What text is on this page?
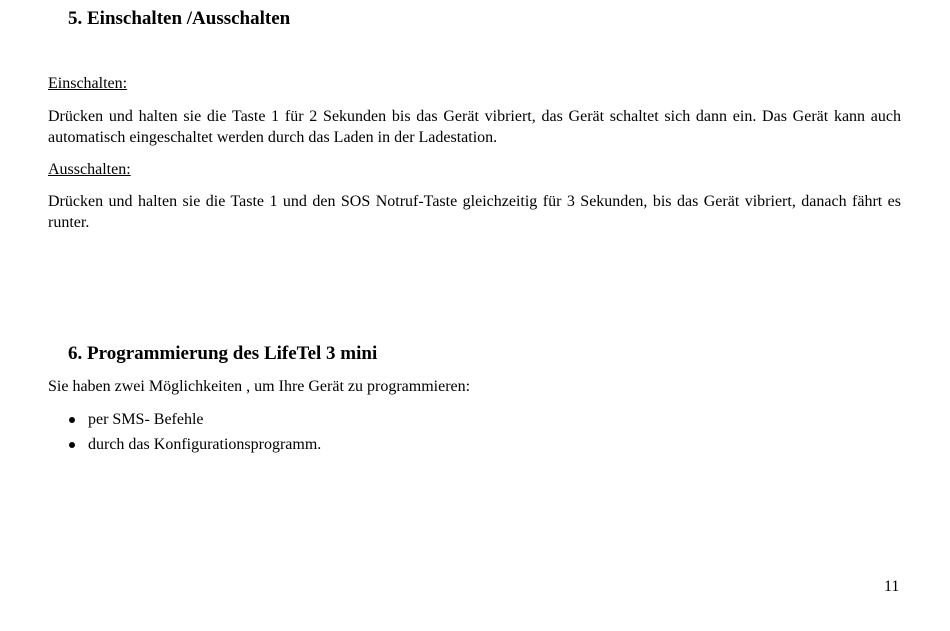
5. Einschalten /Ausschalten

Einschalten:

Drücken und halten sie die Taste 1 für 2 Sekunden bis das Gerät vibriert, das Gerät schaltet sich dann ein. Das Gerät kann auch automatisch eingeschaltet werden durch das Laden in der Ladestation.

Ausschalten:

Drücken und halten sie die Taste 1 und den SOS Notruf-Taste gleichzeitig für 3 Sekunden, bis das Gerät vibriert, danach fährt es runter.

6. Programmierung des LifeTel 3 mini

Sie haben zwei Möglichkeiten , um Ihre Gerät zu programmieren:

per SMS- Befehle
durch das Konfigurationsprogramm.

11
